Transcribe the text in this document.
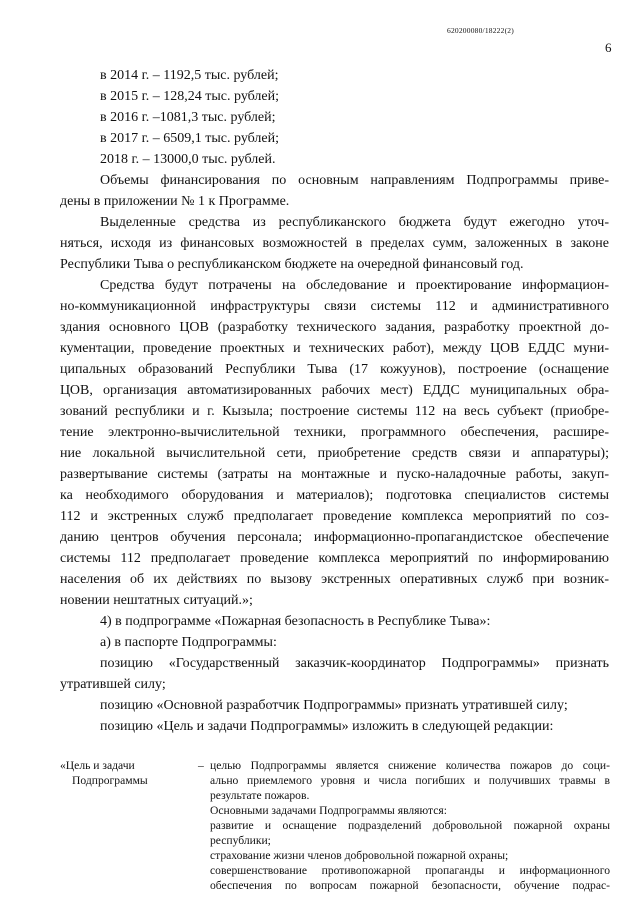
620200080/18222(2)
6
в 2014 г. – 1192,5 тыс. рублей;
в 2015 г. – 128,24 тыс. рублей;
в 2016 г. –1081,3 тыс. рублей;
в 2017 г. – 6509,1 тыс. рублей;
2018 г. – 13000,0 тыс. рублей.
Объемы финансирования по основным направлениям Подпрограммы приве-
дены в приложении № 1 к Программе.
Выделенные средства из республиканского бюджета будут ежегодно уточ-
няться, исходя из финансовых возможностей в пределах сумм, заложенных в законе
Республики Тыва о республиканском бюджете на очередной финансовый год.
Средства будут потрачены на обследование и проектирование информацион-
но-коммуникационной инфраструктуры связи системы 112 и административного
здания основного ЦОВ (разработку технического задания, разработку проектной до-
кументации, проведение проектных и технических работ), между ЦОВ ЕДДС муни-
ципальных образований Республики Тыва (17 кожуунов), построение (оснащение
ЦОВ, организация автоматизированных рабочих мест) ЕДДС муниципальных обра-
зований республики и г. Кызыла; построение системы 112 на весь субъект (приобре-
тение электронно-вычислительной техники, программного обеспечения, расшире-
ние локальной вычислительной сети, приобретение средств связи и аппаратуры);
развертывание системы (затраты на монтажные и пуско-наладочные работы, закуп-
ка необходимого оборудования и материалов); подготовка специалистов системы
112 и экстренных служб предполагает проведение комплекса мероприятий по соз-
данию центров обучения персонала; информационно-пропагандистское обеспечение
системы 112 предполагает проведение комплекса мероприятий по информированию
населения об их действиях по вызову экстренных оперативных служб при возник-
новении нештатных ситуаций.»;
4) в подпрограмме «Пожарная безопасность в Республике Тыва»:
а) в паспорте Подпрограммы:
позицию «Государственный заказчик-координатор Подпрограммы» признать
утратившей силу;
позицию «Основной разработчик Подпрограммы» признать утратившей силу;
позицию «Цель и задачи Подпрограммы» изложить в следующей редакции:
«Цель и задачи
Подпрограммы
– целью Подпрограммы является снижение количества пожаров до соци-
ально приемлемого уровня и числа погибших и получивших травмы в
результате пожаров.
Основными задачами Подпрограммы являются:
развитие и оснащение подразделений добровольной пожарной охраны
республики;
страхование жизни членов добровольной пожарной охраны;
совершенствование противопожарной пропаганды и информационного
обеспечения по вопросам пожарной безопасности, обучение подрас-
